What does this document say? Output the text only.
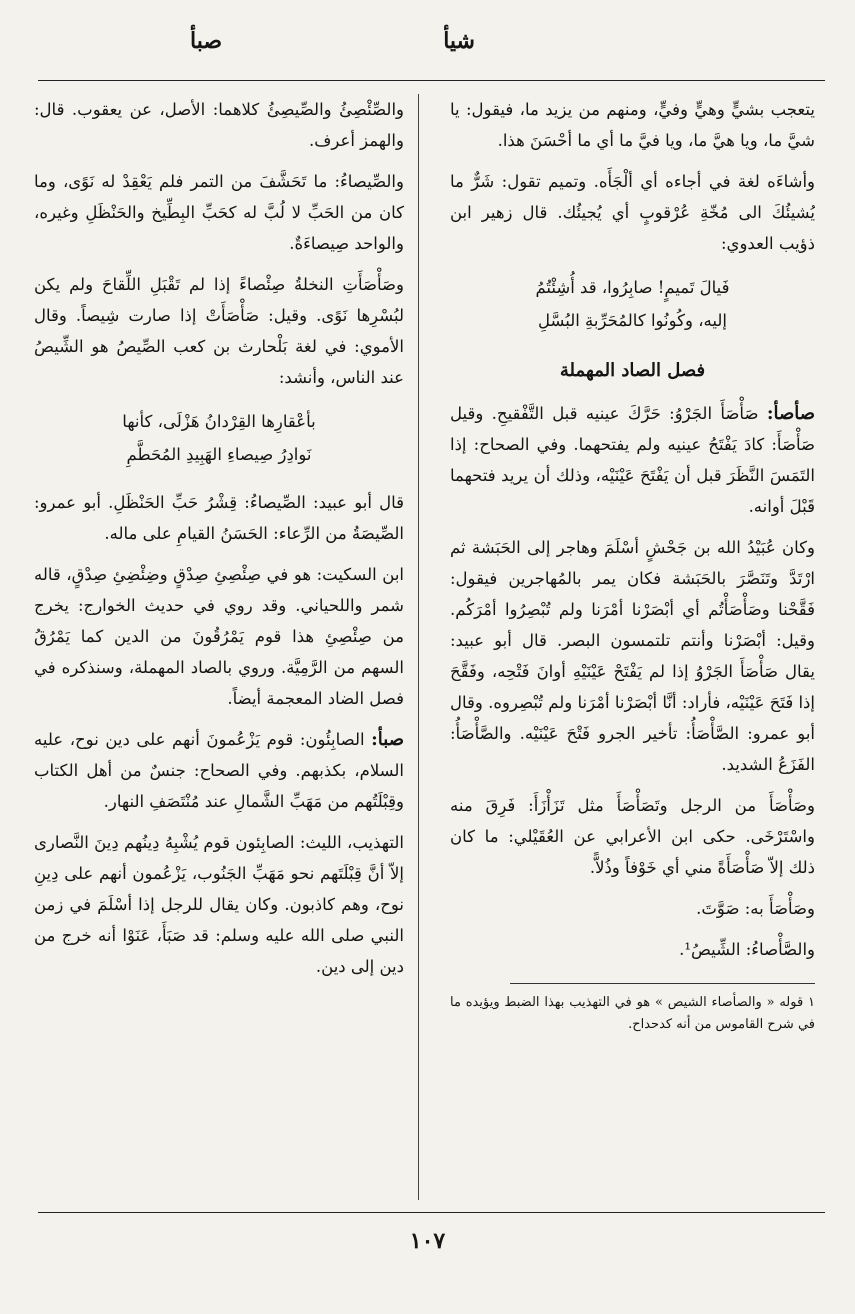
شيأ
صبأ

يتعجب بشيٍّ وهيٍّ وفيٍّ، ومنهم من يزيد ما، فيقول: يا شيَّ ما، ويا هيَّ ما، ويا فيَّ ما أي ما أحْسَنَ هذا.

وأشاءَه لغة في أجاءه أي ألْجَأَه. وتميم تقول: شَرٌّ ما يُشيئُكَ الى مُخّةِ عُرْقوبٍ أي يُجيئُك. قال زهير ابن ذؤيب العدوي:

فَيالَ تَميمٍ! صابِرُوا، قد أُشِئْتُمُ
إليه، وكُونُوا كالمُحَرِّبةِ البُسَّلِ
فصل الصاد المهملة

صأصأ: صَأْصَأَ الجَرْوُ: حَرَّكَ عينيه قبل التَّفْقيحِ. وقيل صَأْصَأَ: كادَ يَفْتَحُ عينيه ولم يفتحهما. وفي الصحاح: إذا التَمَسَ النَّظَرَ قبل أن يَفْتَحَ عَيْنَيْه، وذلك أن يريد فتحهما قَبْلَ أوانه.

وكان عُبَيْدُ الله بن جَحْشٍ أسْلَمَ وهاجر إلى الحَبَشة ثم ارْتَدَّ وتَنَصَّرَ بالحَبَشة فكان يمر بالمُهاجرين فيقول: فَقَّحْنا وصَأْصَأْتُم أي أبْصَرْنا أمْرَنا ولم تُبْصِرُوا أمْرَكُم. وقيل: أبْصَرْنا وأنتم تلتمسون البصر. قال أبو عبيد: يقال صَأْصَأَ الجَرْوُ إذا لم يَفْتَحْ عَيْنَيْهِ أوانَ فَتْحِه، وفَقَّحَ إذا فَتَحَ عَيْنَيْه، فأراد: أنَّا أبْصَرْنا أمْرَنا ولم تُبْصِروه. وقال أبو عمرو: الصَّأْصَأُ: تأخير الجرو فَتْحَ عَيْنَيْه. والصَّأْصَأُ: الفَزَعُ الشديد.

وصَأْصَأَ من الرجل وتَصَأْصَأَ مثل تَزَأْزَأَ: فَرِقَ منه واسْتَرْخَى. حكى ابن الأعرابي عن العُقَيْلي: ما كان ذلك إلاّ صَأْصَأَةً مني أي خَوْفاً وذُلاًّ.

وصَأْصَأَ به: صَوَّتَ.

والصَّأْصاءُ: الشِّيصُ¹.

١ قوله « والصأصاء الشيص » هو في التهذيب بهذا الضبط ويؤيده ما في شرح القاموس من أنه كدحداح.

والصِّئْصِئُ والصِّيصِئُ كلاهما: الأصل، عن يعقوب. قال: والهمز أعرف.

والصِّيصاءُ: ما تَحَشَّفَ من التمر فلم يَعْقِدْ له نَوًى، وما كان من الحَبِّ لا لُبَّ له كحَبِّ البِطِّيخ والحَنْظَلِ وغيره، والواحد صِيصاءَةٌ.

وصَأْصَأَتِ النخلةُ صِئْصاءً إذا لم تَقْبَلِ اللِّقاحَ ولم يكن لبُسْرِها نَوًى. وقيل: صَأْصَأَتْ إذا صارت شِيصاً. وقال الأموي: في لغة بَلْحارث بن كعب الصِّيصُ هو الشِّيصُ عند الناس، وأنشد:

بأعْقارِها القِرْدانُ هَزْلَى، كأنها
نَوادِرُ صِيصاءِ الهَبِيدِ المُحَطَّمِ

قال أبو عبيد: الصِّيصاءُ: قِشْرُ حَبِّ الحَنْظَلِ. أبو عمرو: الصِّيصَةُ من الرِّعاء: الحَسَنُ القيامِ على ماله.

ابن السكيت: هو في صِئْصِئِ صِدْقٍ وضِئْضِئِ صِدْقٍ، قاله شمر واللحياني. وقد روي في حديث الخوارج: يخرج من صِئْصِئِ هذا قوم يَمْرُقُونَ من الدين كما يَمْرُقُ السهم من الرَّمِيَّة. وروي بالصاد المهملة، وسنذكره في فصل الضاد المعجمة أيضاً.

صبأ: الصابِئُون: قوم يَزْعُمونَ أنهم على دين نوح، عليه السلام، بكذبهم. وفي الصحاح: جنسٌ من أهل الكتاب وقِبْلَتُهم من مَهَبِّ الشَّمالِ عند مُنْتَصَفِ النهار.

التهذيب، الليث: الصابِئون قوم يُشْبِهُ دِينُهم دِينَ النَّصارى إلاّ أنَّ قِبْلَتَهم نحو مَهَبِّ الجَنُوب، يَزْعُمون أنهم على دِينِ نوح، وهم كاذبون. وكان يقال للرجل إذا أسْلَمَ في زمن النبي صلى الله عليه وسلم: قد صَبَأَ، عَنَوْا أنه خرج من دين إلى دين.

١٠٧
